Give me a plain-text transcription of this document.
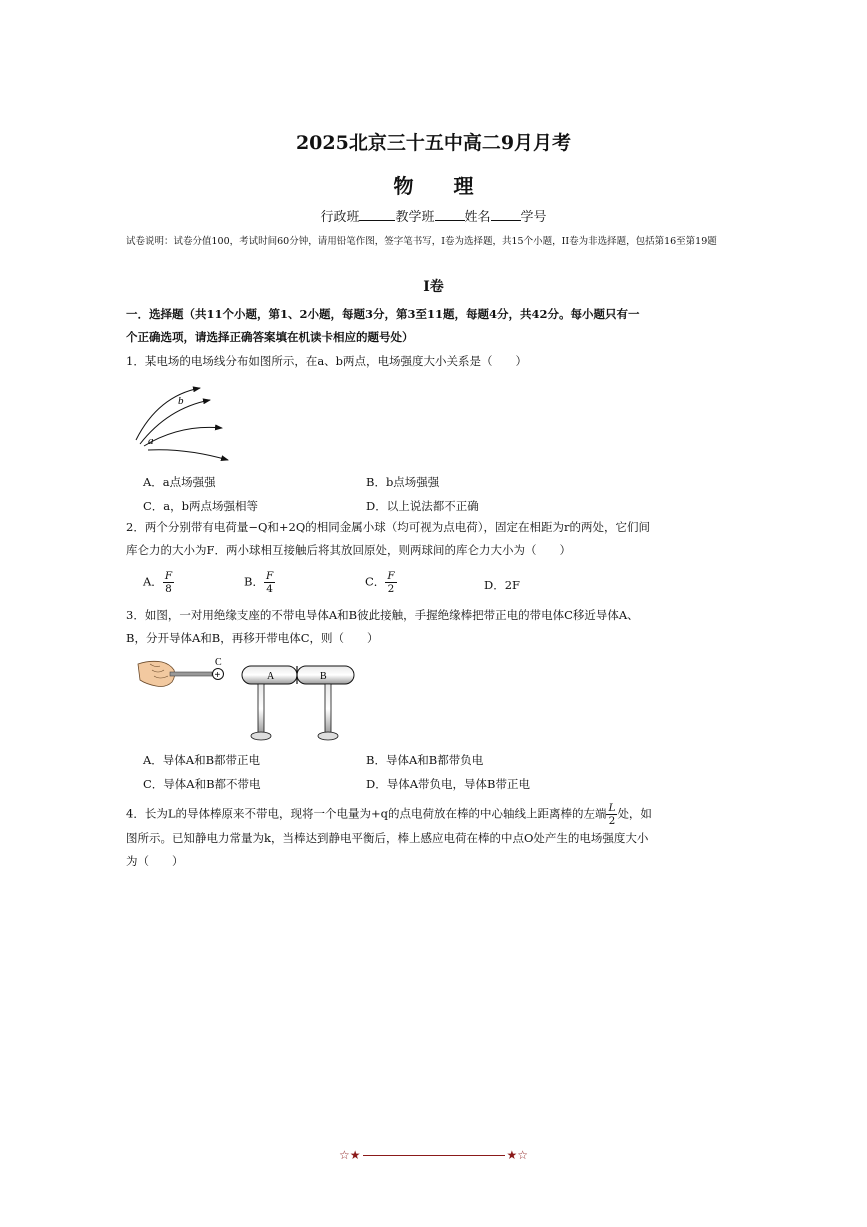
2025北京三十五中高二9月月考
物理
行政班	教学班 姓名 学号
试卷说明：试卷分值100，考试时间60分钟，请用铅笔作图，签字笔书写，I卷为选择题，共15个小题，II卷为非选择题，包括第16至第19题
I卷
一．选择题（共11个小题，第1、2小题，每题3分，第3至11题，每题4分，共42分。每小题只有一
个正确选项，请选择正确答案填在机读卡相应的题号处）
1．某电场的电场线分布如图所示，在a、b两点，电场强度大小关系是（　　）
b
a
A．a点场强强	B．b点场强强
C．a，b两点场强相等	D．以上说法都不正确
2．两个分别带有电荷量−Q和+2Q的相同金属小球（均可视为点电荷），固定在相距为r的两处，它们间
库仑力的大小为F．两小球相互接触后将其放回原处，则两球间的库仑力大小为（　　）
A． $\frac{F}{8}$	B． $\frac{F}{4}$	C． $\frac{F}{2}$	D．2F
3．如图，一对用绝缘支座的不带电导体A和B彼此接触，手握绝缘棒把带正电的带电体C移近导体A、
B，分开导体A和B，再移开带电体C，则（　　）
+
C
A	B
A．导体A和B都带正电	B．导体A和B都带负电
C．导体A和B都不带电	D．导体A带负电，导体B带正电
4．长为L的导体棒原来不带电，现将一个电量为+q的点电荷放在棒的中心轴线上距离棒的左端 $\frac{L}{2}$ 处，如
图所示。已知静电力常量为k，当棒达到静电平衡后，棒上感应电荷在棒的中点O处产生的电场强度大小
为（　　）
☆★	★☆
